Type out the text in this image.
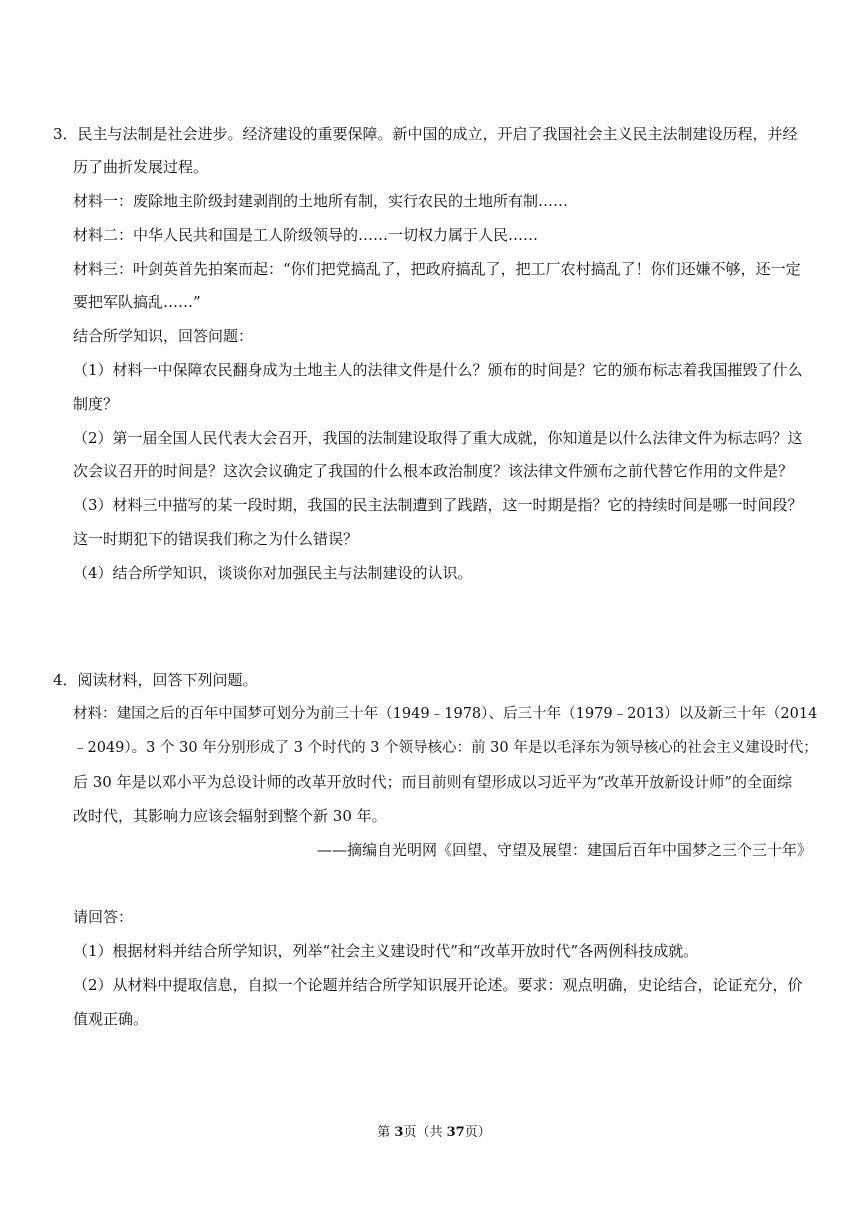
3．民主与法制是社会进步。经济建设的重要保障。新中国的成立，开启了我国社会主义民主法制建设历程，并经
历了曲折发展过程。
材料一：废除地主阶级封建剥削的土地所有制，实行农民的土地所有制……
材料二：中华人民共和国是工人阶级领导的……一切权力属于人民……
材料三：叶剑英首先拍案而起：“你们把党搞乱了，把政府搞乱了，把工厂农村搞乱了！你们还嫌不够，还一定
要把军队搞乱……”
结合所学知识，回答问题：
（1）材料一中保障农民翻身成为土地主人的法律文件是什么？颁布的时间是？它的颁布标志着我国摧毁了什么
制度？
（2）第一届全国人民代表大会召开，我国的法制建设取得了重大成就，你知道是以什么法律文件为标志吗？这
次会议召开的时间是？这次会议确定了我国的什么根本政治制度？该法律文件颁布之前代替它作用的文件是？
（3）材料三中描写的某一段时期，我国的民主法制遭到了践踏，这一时期是指？它的持续时间是哪一时间段？
这一时期犯下的错误我们称之为什么错误？
（4）结合所学知识，谈谈你对加强民主与法制建设的认识。
4．阅读材料，回答下列问题。
材料：建国之后的百年中国梦可划分为前三十年（1949﹣1978）、后三十年（1979﹣2013）以及新三十年（2014
﹣2049）。3 个 30 年分别形成了 3 个时代的 3 个领导核心：前 30 年是以毛泽东为领导核心的社会主义建设时代；
后 30 年是以邓小平为总设计师的改革开放时代；而目前则有望形成以习近平为“改革开放新设计师”的全面综
改时代，其影响力应该会辐射到整个新 30 年。
——摘编自光明网《回望、守望及展望：建国后百年中国梦之三个三十年》
请回答：
（1）根据材料并结合所学知识，列举“社会主义建设时代”和“改革开放时代”各两例科技成就。
（2）从材料中提取信息，自拟一个论题并结合所学知识展开论述。要求：观点明确，史论结合，论证充分，价
值观正确。
第 3页（共 37页）
